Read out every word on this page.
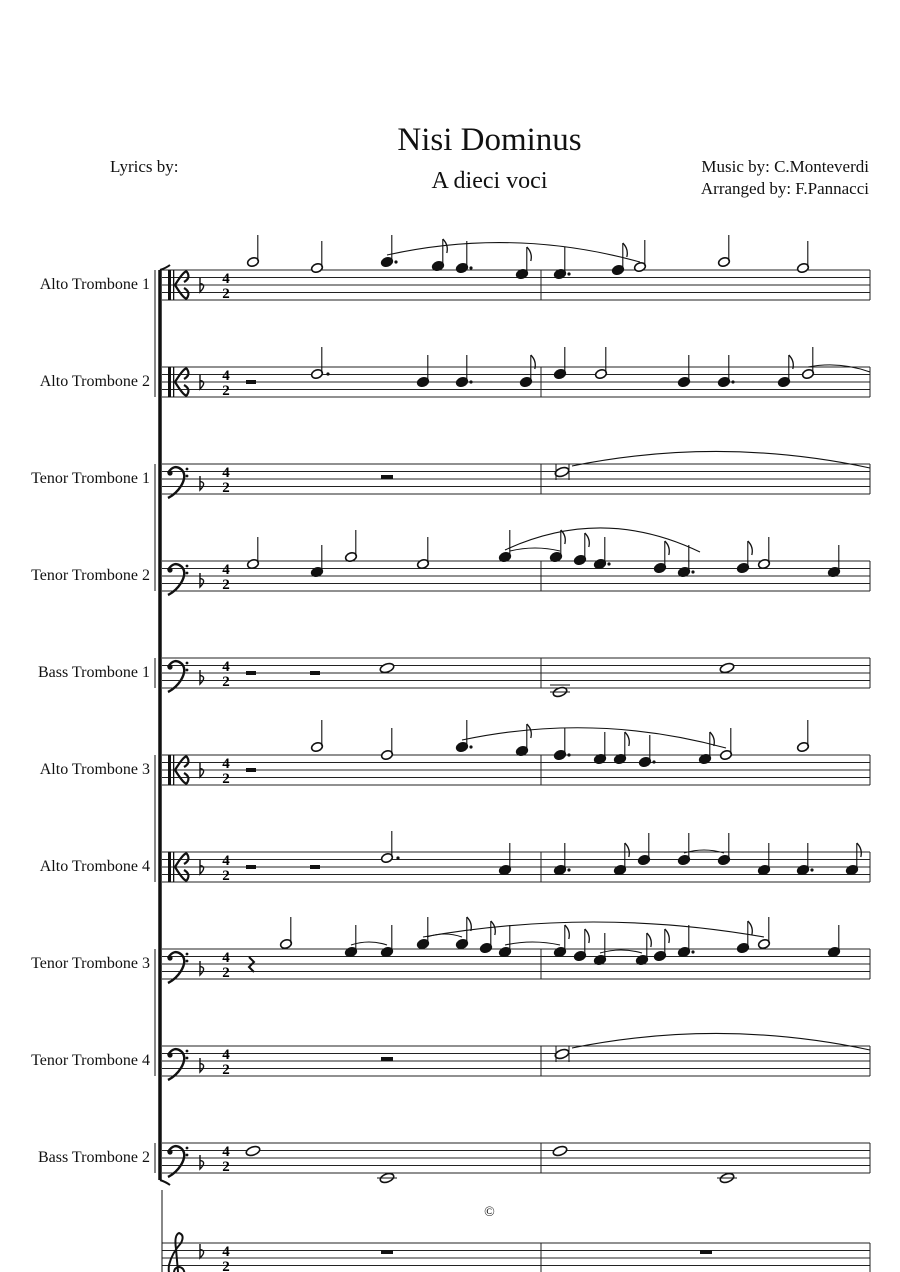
Nisi Dominus
A dieci voci
Lyrics by:	Music by: C.Monteverdi
Arranged by: F.Pannacci
Alto Trombone 1
Alto Trombone 2
Tenor Trombone 1
Tenor Trombone 2
Bass Trombone 1
Alto Trombone 3
Alto Trombone 4
Tenor Trombone 3
Tenor Trombone 4
Bass Trombone 2
4
2
4
2
4
2
4
2
4
2
4
2
4
2
4
2
4
2
4
2
4
2
©
